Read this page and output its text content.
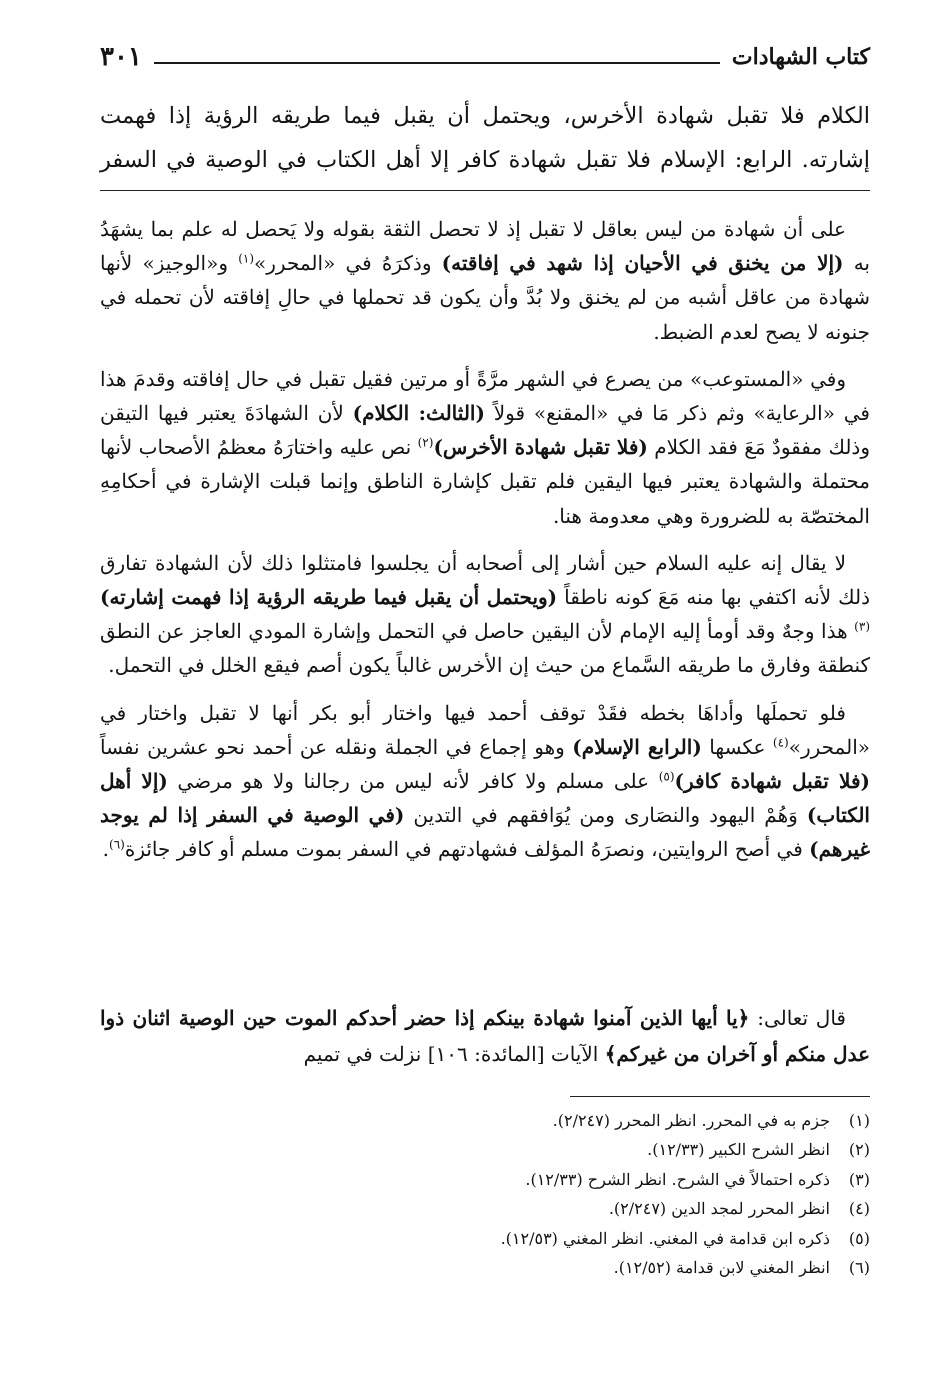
كتاب الشهادات
٣٠١
الكلام فلا تقبل شهادة الأخرس، ويحتمل أن يقبل فيما طريقه الرؤية إذا فهمت
إشارته. الرابع: الإسلام فلا تقبل شهادة كافر إلا أهل الكتاب في الوصية في السفر

على أن شهادة من ليس بعاقل لا تقبل إذ لا تحصل الثقة بقوله ولا يَحصل له علم بما يشهَدُ به (إلا من يخنق في الأحيان إذا شهد في إفاقته) وذكرَهُ في «المحرر»$^{(١)}$ و«الوجيز» لأنها شهادة من عاقل أشبه من لم يخنق ولا بُدَّ وأن يكون قد تحملها في حالِ إفاقته لأن تحمله في جنونه لا يصح لعدم الضبط.

وفي «المستوعب» من يصرع في الشهر مرَّةً أو مرتين فقيل تقبل في حال إفاقته وقدمَ هذا في «الرعاية» وثم ذكر مَا في «المقنع» قولاً (الثالث: الكلام) لأن الشهادَةَ يعتبر فيها التيقن وذلك مفقودٌ مَعَ فقد الكلام (فلا تقبل شهادة الأخرس)$^{(٢)}$ نص عليه واختارَهُ معظمُ الأصحاب لأنها محتملة والشهادة يعتبر فيها اليقين فلم تقبل كإشارة الناطق وإنما قبلت الإشارة في أحكامِهِ المختصّة به للضرورة وهي معدومة هنا.

لا يقال إنه عليه السلام حين أشار إلى أصحابه أن يجلسوا فامتثلوا ذلك لأن الشهادة تفارق ذلك لأنه اكتفي بها منه مَعَ كونه ناطقاً (ويحتمل أن يقبل فيما طريقه الرؤية إذا فهمت إشارته)$^{(٣)}$ هذا وجهٌ وقد أومأ إليه الإمام لأن اليقين حاصل في التحمل وإشارة المودي العاجز عن النطق كنطقة وفارق ما طريقه السَّماع من حيث إن الأخرس غالباً يكون أصم فيقع الخلل في التحمل.

فلو تحملَها وأداهَا بخطه فقَدْ توقف أحمد فيها واختار أبو بكر أنها لا تقبل واختار في «المحرر»$^{(٤)}$ عكسها (الرابع الإسلام) وهو إجماع في الجملة ونقله عن أحمد نحو عشرين نفساً (فلا تقبل شهادة كافر)$^{(٥)}$ على مسلم ولا كافر لأنه ليس من رجالنا ولا هو مرضي (إلا أهل الكتاب) وَهُمْ اليهود والنصَارى ومن يُوَافقهم في التدين (في الوصية في السفر إذا لم يوجد غيرهم) في أصح الروايتين، ونصرَهُ المؤلف فشهادتهم في السفر بموت مسلم أو كافر جائزة$^{(٦)}$.

قال تعالى: ﴿يا أيها الذين آمنوا شهادة بينكم إذا حضر أحدكم الموت حين الوصية اثنان ذوا عدل منكم أو آخران من غيركم﴾ الآيات [المائدة: ١٠٦] نزلت في تميم
(١)
جزم به في المحرر. انظر المحرر (٢/٢٤٧).
(٢)
انظر الشرح الكبير (١٢/٣٣).
(٣)
ذكره احتمالاً في الشرح. انظر الشرح (١٢/٣٣).
(٤)
انظر المحرر لمجد الدين (٢/٢٤٧).
(٥)
ذكره ابن قدامة في المغني. انظر المغني (١٢/٥٣).
(٦)
انظر المغني لابن قدامة (١٢/٥٢).
